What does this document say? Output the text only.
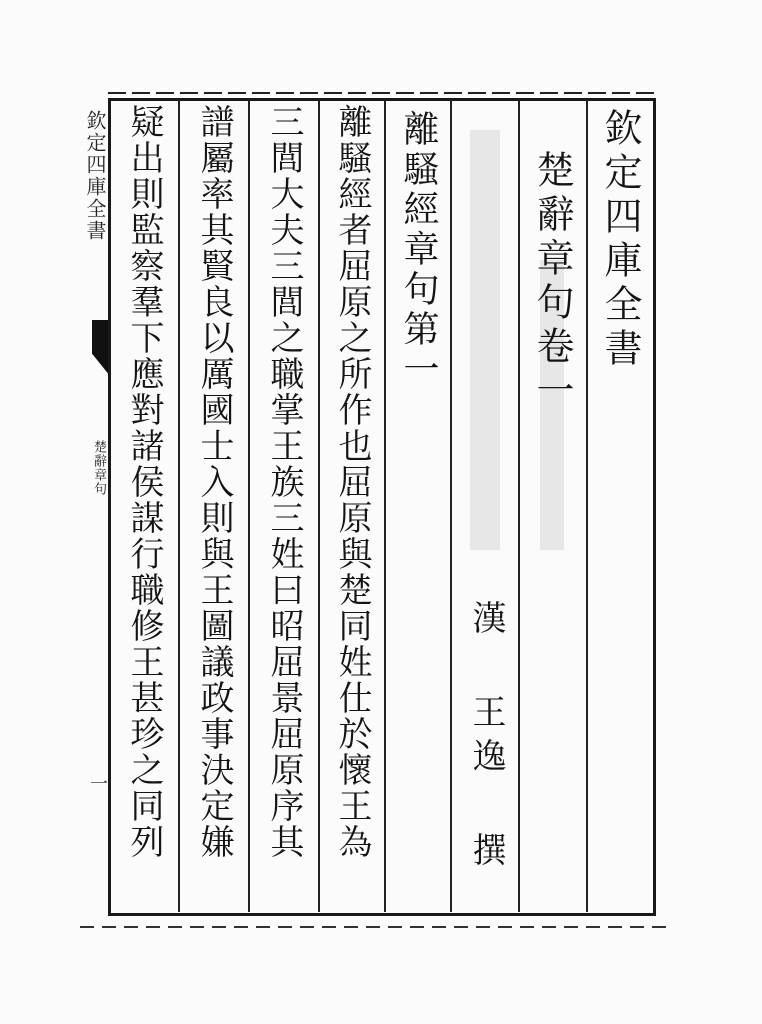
欽定四庫全書
楚辭章句
一
欽定四庫全書
楚辭章句卷一
漢 王逸 撰
離騷經章句第一
離騷經者屈原之所作也屈原與楚同姓仕於懷王為
三閭大夫三閭之職掌王族三姓曰昭屈景屈原序其
譜屬率其賢良以厲國士入則與王圖議政事決定嫌
疑出則監察羣下應對諸侯謀行職修王甚珍之同列
